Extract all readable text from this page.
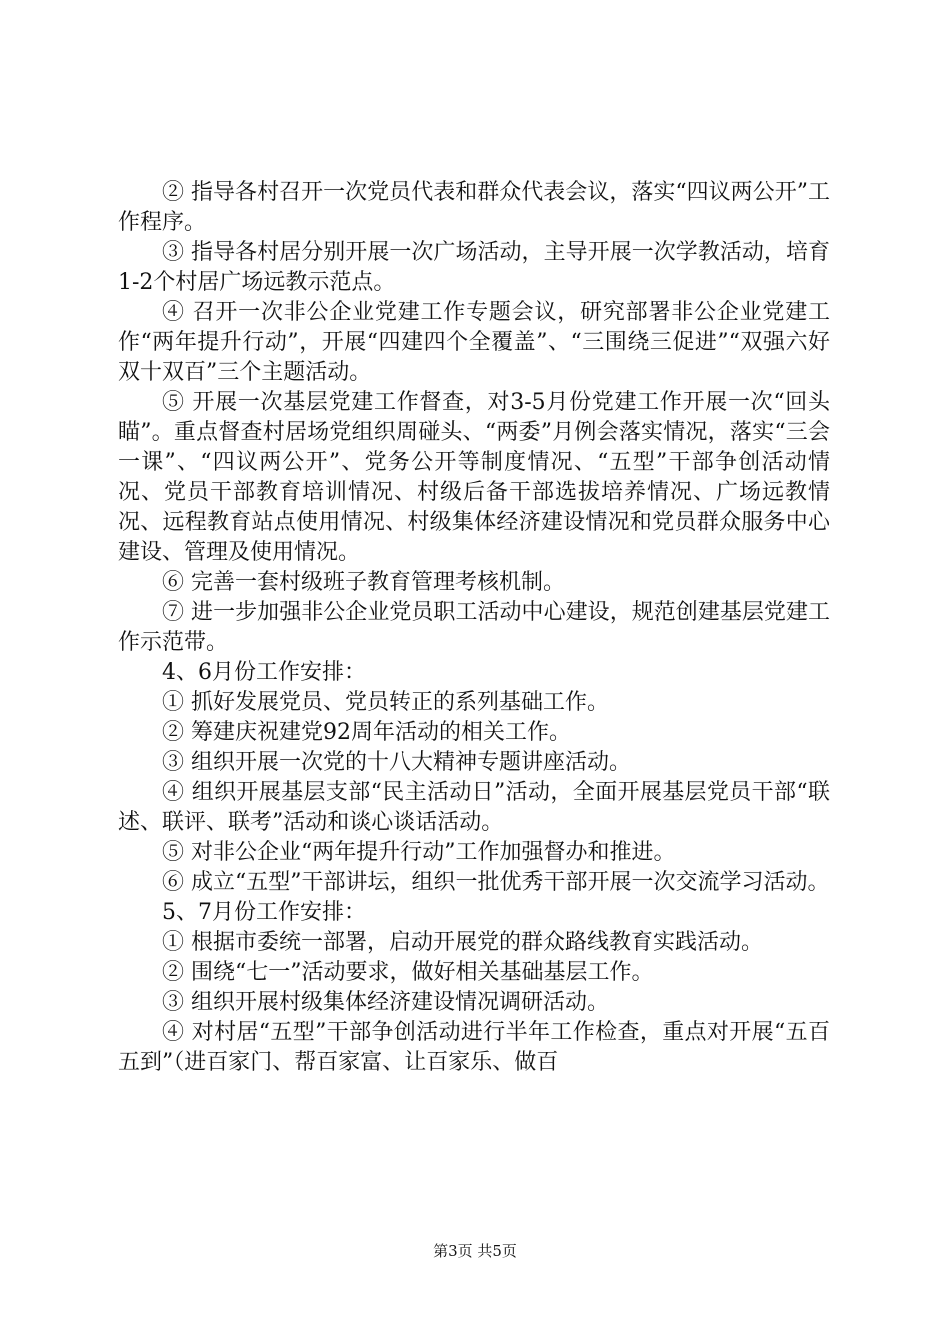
② 指导各村召开一次党员代表和群众代表会议，落实“四议两公开”工作程序。

③ 指导各村居分别开展一次广场活动，主导开展一次学教活动，培育1-2个村居广场远教示范点。

④ 召开一次非公企业党建工作专题会议，研究部署非公企业党建工作“两年提升行动”，开展“四建四个全覆盖”、“三围绕三促进”“双强六好双十双百”三个主题活动。

⑤ 开展一次基层党建工作督查，对3-5月份党建工作开展一次“回头瞄”。重点督查村居场党组织周碰头、“两委”月例会落实情况，落实“三会一课”、“四议两公开”、党务公开等制度情况、“五型”干部争创活动情况、党员干部教育培训情况、村级后备干部选拔培养情况、广场远教情况、远程教育站点使用情况、村级集体经济建设情况和党员群众服务中心建设、管理及使用情况。

⑥ 完善一套村级班子教育管理考核机制。

⑦ 进一步加强非公企业党员职工活动中心建设，规范创建基层党建工作示范带。

4、6月份工作安排：

① 抓好发展党员、党员转正的系列基础工作。

② 筹建庆祝建党92周年活动的相关工作。

③ 组织开展一次党的十八大精神专题讲座活动。

④ 组织开展基层支部“民主活动日”活动，全面开展基层党员干部“联述、联评、联考”活动和谈心谈话活动。

⑤ 对非公企业“两年提升行动”工作加强督办和推进。

⑥ 成立“五型”干部讲坛，组织一批优秀干部开展一次交流学习活动。

5、7月份工作安排：

① 根据市委统一部署，启动开展党的群众路线教育实践活动。

② 围绕“七一”活动要求，做好相关基础基层工作。

③ 组织开展村级集体经济建设情况调研活动。

④ 对村居“五型”干部争创活动进行半年工作检查，重点对开展“五百五到”（进百家门、帮百家富、让百家乐、做百

第3页 共5页
